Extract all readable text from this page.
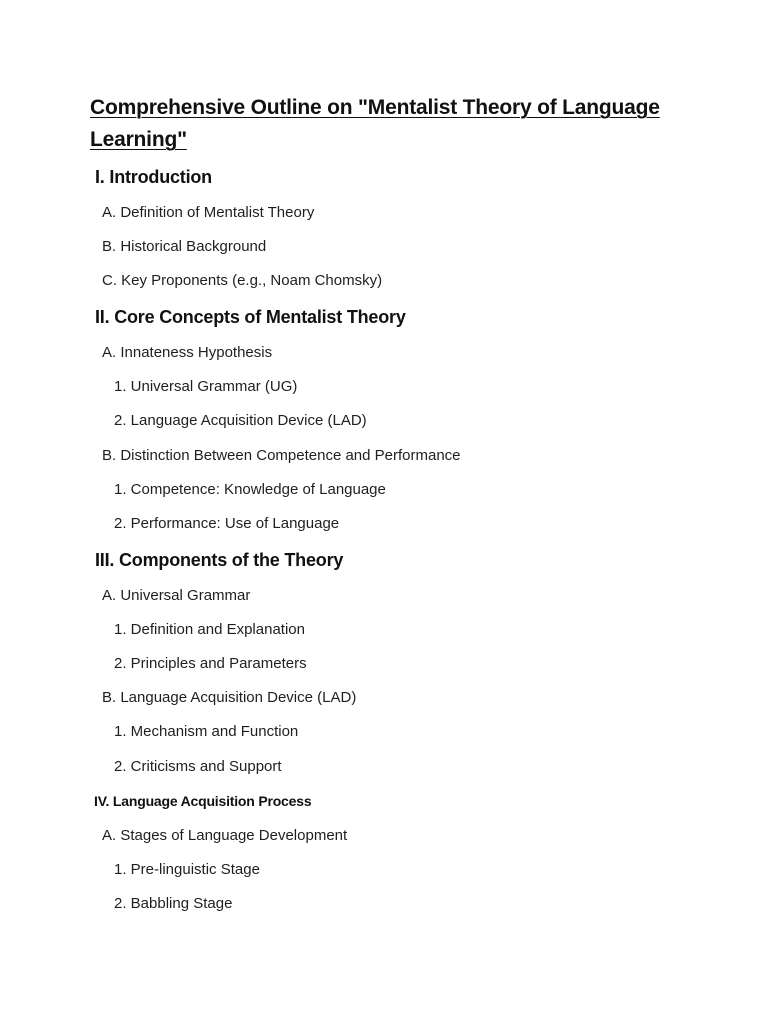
Comprehensive Outline on "Mentalist Theory of Language Learning"
I. Introduction
A. Definition of Mentalist Theory
B. Historical Background
C. Key Proponents (e.g., Noam Chomsky)
II. Core Concepts of Mentalist Theory
A. Innateness Hypothesis
1. Universal Grammar (UG)
2. Language Acquisition Device (LAD)
B. Distinction Between Competence and Performance
1. Competence: Knowledge of Language
2. Performance: Use of Language
III. Components of the Theory
A. Universal Grammar
1. Definition and Explanation
2. Principles and Parameters
B. Language Acquisition Device (LAD)
1. Mechanism and Function
2. Criticisms and Support
IV. Language Acquisition Process
A. Stages of Language Development
1. Pre-linguistic Stage
2. Babbling Stage
